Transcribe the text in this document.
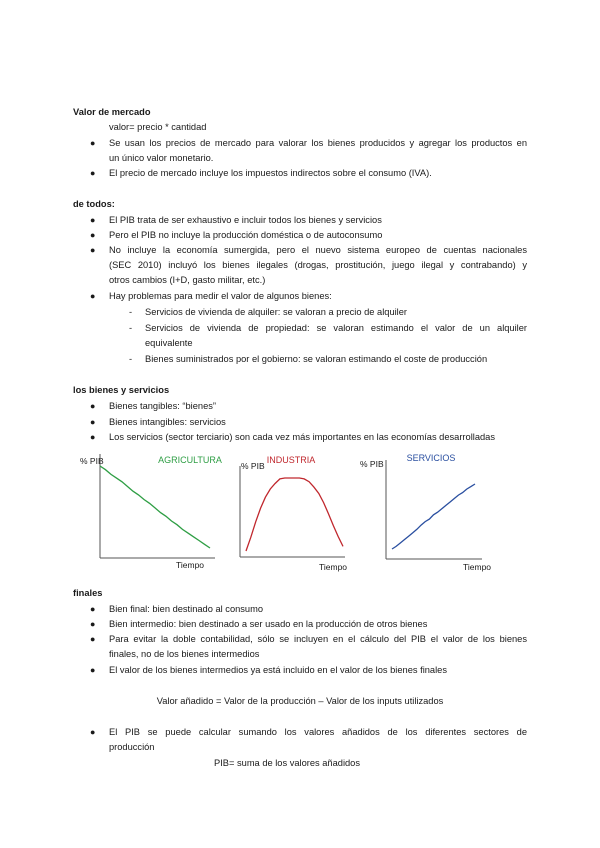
Valor de mercado
valor= precio * cantidad
● Se usan los precios de mercado para valorar los bienes producidos y agregar los productos en
un único valor monetario.
● El precio de mercado incluye los impuestos indirectos sobre el consumo (IVA).
de todos:
● El PIB trata de ser exhaustivo e incluir todos los bienes y servicios
● Pero el PIB no incluye la producción doméstica o de autoconsumo
● No incluye la economía sumergida, pero el nuevo sistema europeo de cuentas nacionales
(SEC 2010) incluyó los bienes ilegales (drogas, prostitución, juego ilegal y contrabando) y
otros cambios (I+D, gasto militar, etc.)
● Hay problemas para medir el valor de algunos bienes:
- Servicios de vivienda de alquiler: se valoran a precio de alquiler
- Servicios de vivienda de propiedad: se valoran estimando el valor de un alquiler
equivalente
- Bienes suministrados por el gobierno: se valoran estimando el coste de producción
los bienes y servicios
● Bienes tangibles: “bienes”
● Bienes intangibles: servicios
● Los servicios (sector terciario) son cada vez más importantes en las economías desarrolladas
AGRICULTURA
% PIB
Tiempo
INDUSTRIA
% PIB
Tiempo
SERVICIOS
% PIB
Tiempo
finales
● Bien final: bien destinado al consumo
● Bien intermedio: bien destinado a ser usado en la producción de otros bienes
● Para evitar la doble contabilidad, sólo se incluyen en el cálculo del PIB el valor de los bienes
finales, no de los bienes intermedios
● El valor de los bienes intermedios ya está incluido en el valor de los bienes finales
Valor añadido = Valor de la producción – Valor de los inputs utilizados
● El PIB se puede calcular sumando los valores añadidos de los diferentes sectores de
producción
PIB= suma de los valores añadidos
